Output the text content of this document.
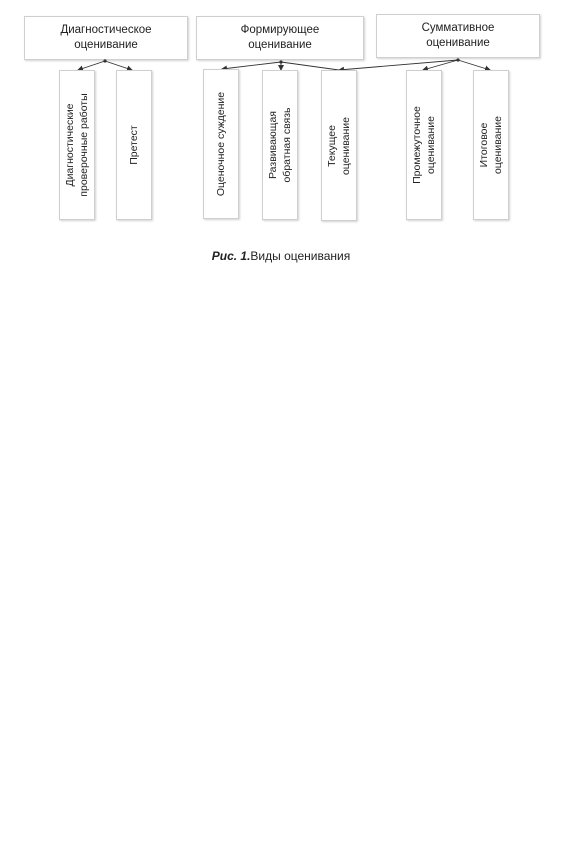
Диагностическое
оценивание
Формирующее
оценивание
Суммативное
оценивание
Диагностические
проверочные работы
Претест	Оценочное суждение	Развивающая
обратная связь
Текущее
оценивание	Промежуточное
оценивание	Итоговое
оценивание
Рис. 1.Виды оценивания
